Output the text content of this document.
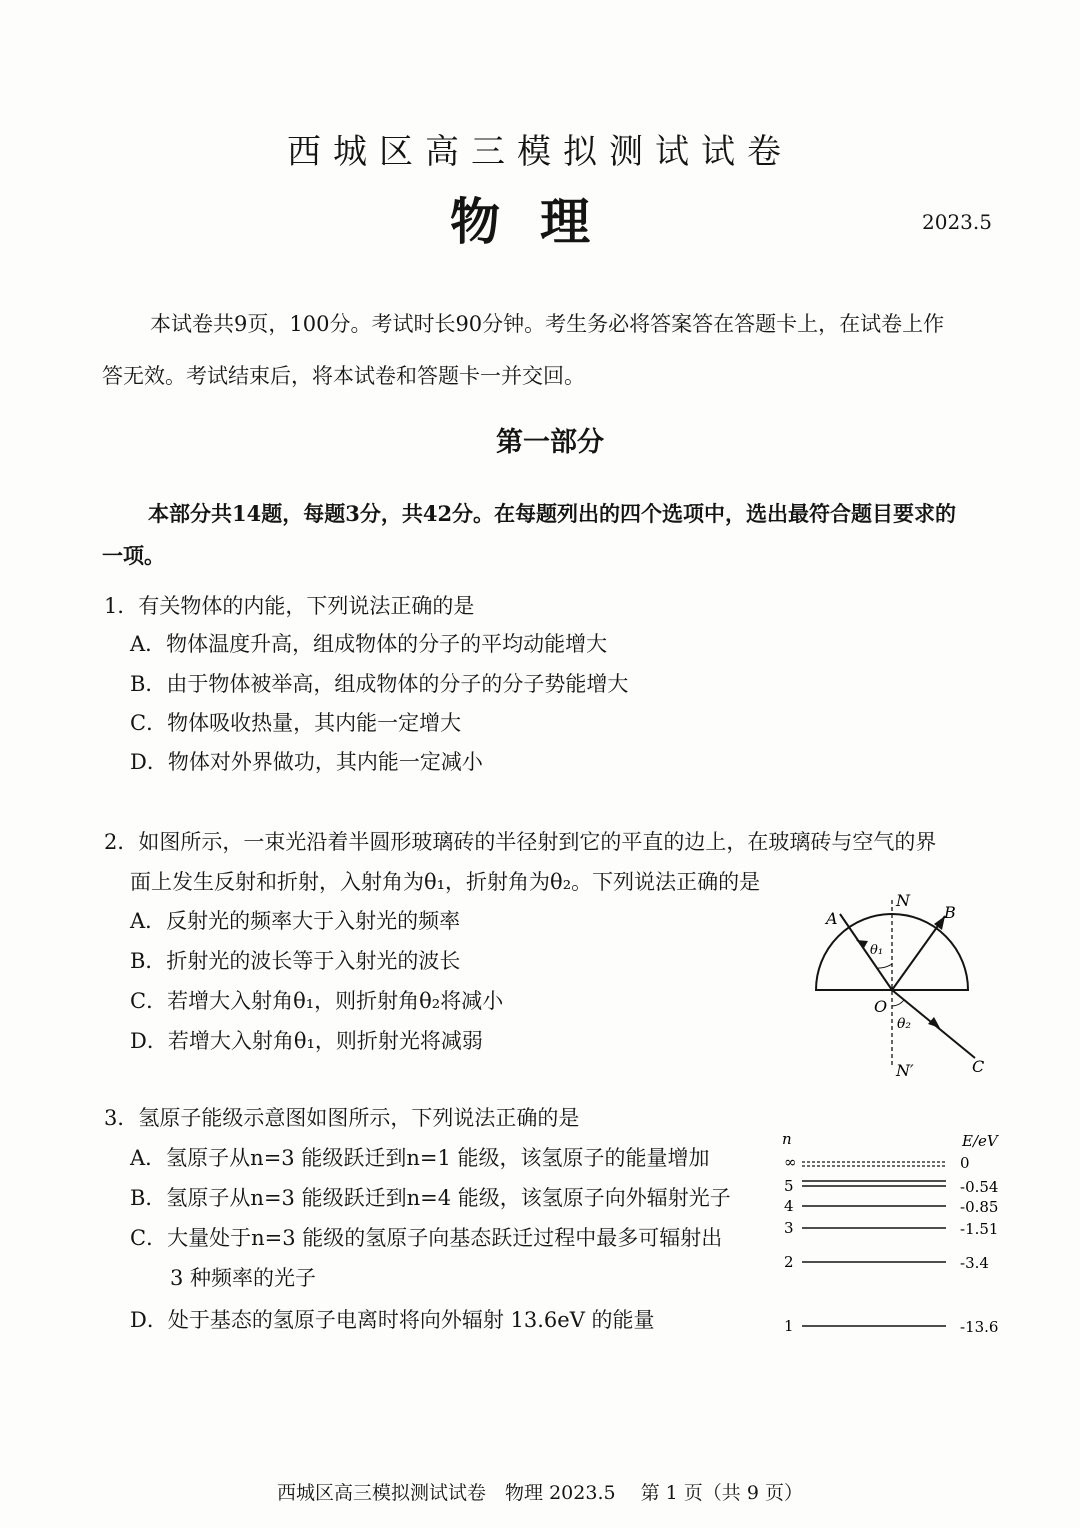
西城区高三模拟测试试卷
物理	2023.5
本试卷共9页，100分。考试时长90分钟。考生务必将答案答在答题卡上，在试卷上作
答无效。考试结束后，将本试卷和答题卡一并交回。
第一部分
本部分共14题，每题3分，共42分。在每题列出的四个选项中，选出最符合题目要求的
一项。
1．有关物体的内能，下列说法正确的是
A．物体温度升高，组成物体的分子的平均动能增大
B．由于物体被举高，组成物体的分子的分子势能增大
C．物体吸收热量，其内能一定增大
D．物体对外界做功，其内能一定减小
2．如图所示，一束光沿着半圆形玻璃砖的半径射到它的平直的边上，在玻璃砖与空气的界
面上发生反射和折射，入射角为θ₁，折射角为θ₂。下列说法正确的是
A．反射光的频率大于入射光的频率
B．折射光的波长等于入射光的波长
C．若增大入射角θ₁，则折射角θ₂将减小
D．若增大入射角θ₁，则折射光将减弱
A	B
C
N
N′
O
θ₁
θ₂
3．氢原子能级示意图如图所示，下列说法正确的是
A．氢原子从n=3 能级跃迁到n=1 能级，该氢原子的能量增加
B．氢原子从n=3 能级跃迁到n=4 能级，该氢原子向外辐射光子
C．大量处于n=3 能级的氢原子向基态跃迁过程中最多可辐射出
3 种频率的光子
D．处于基态的氢原子电离时将向外辐射 13.6eV 的能量
n	E/eV
∞	0
5	-0.54
4	-0.85
3	-1.51
2	-3.4
1	-13.6
西城区高三模拟测试试卷　物理 2023.5　 第 1 页（共 9 页）
